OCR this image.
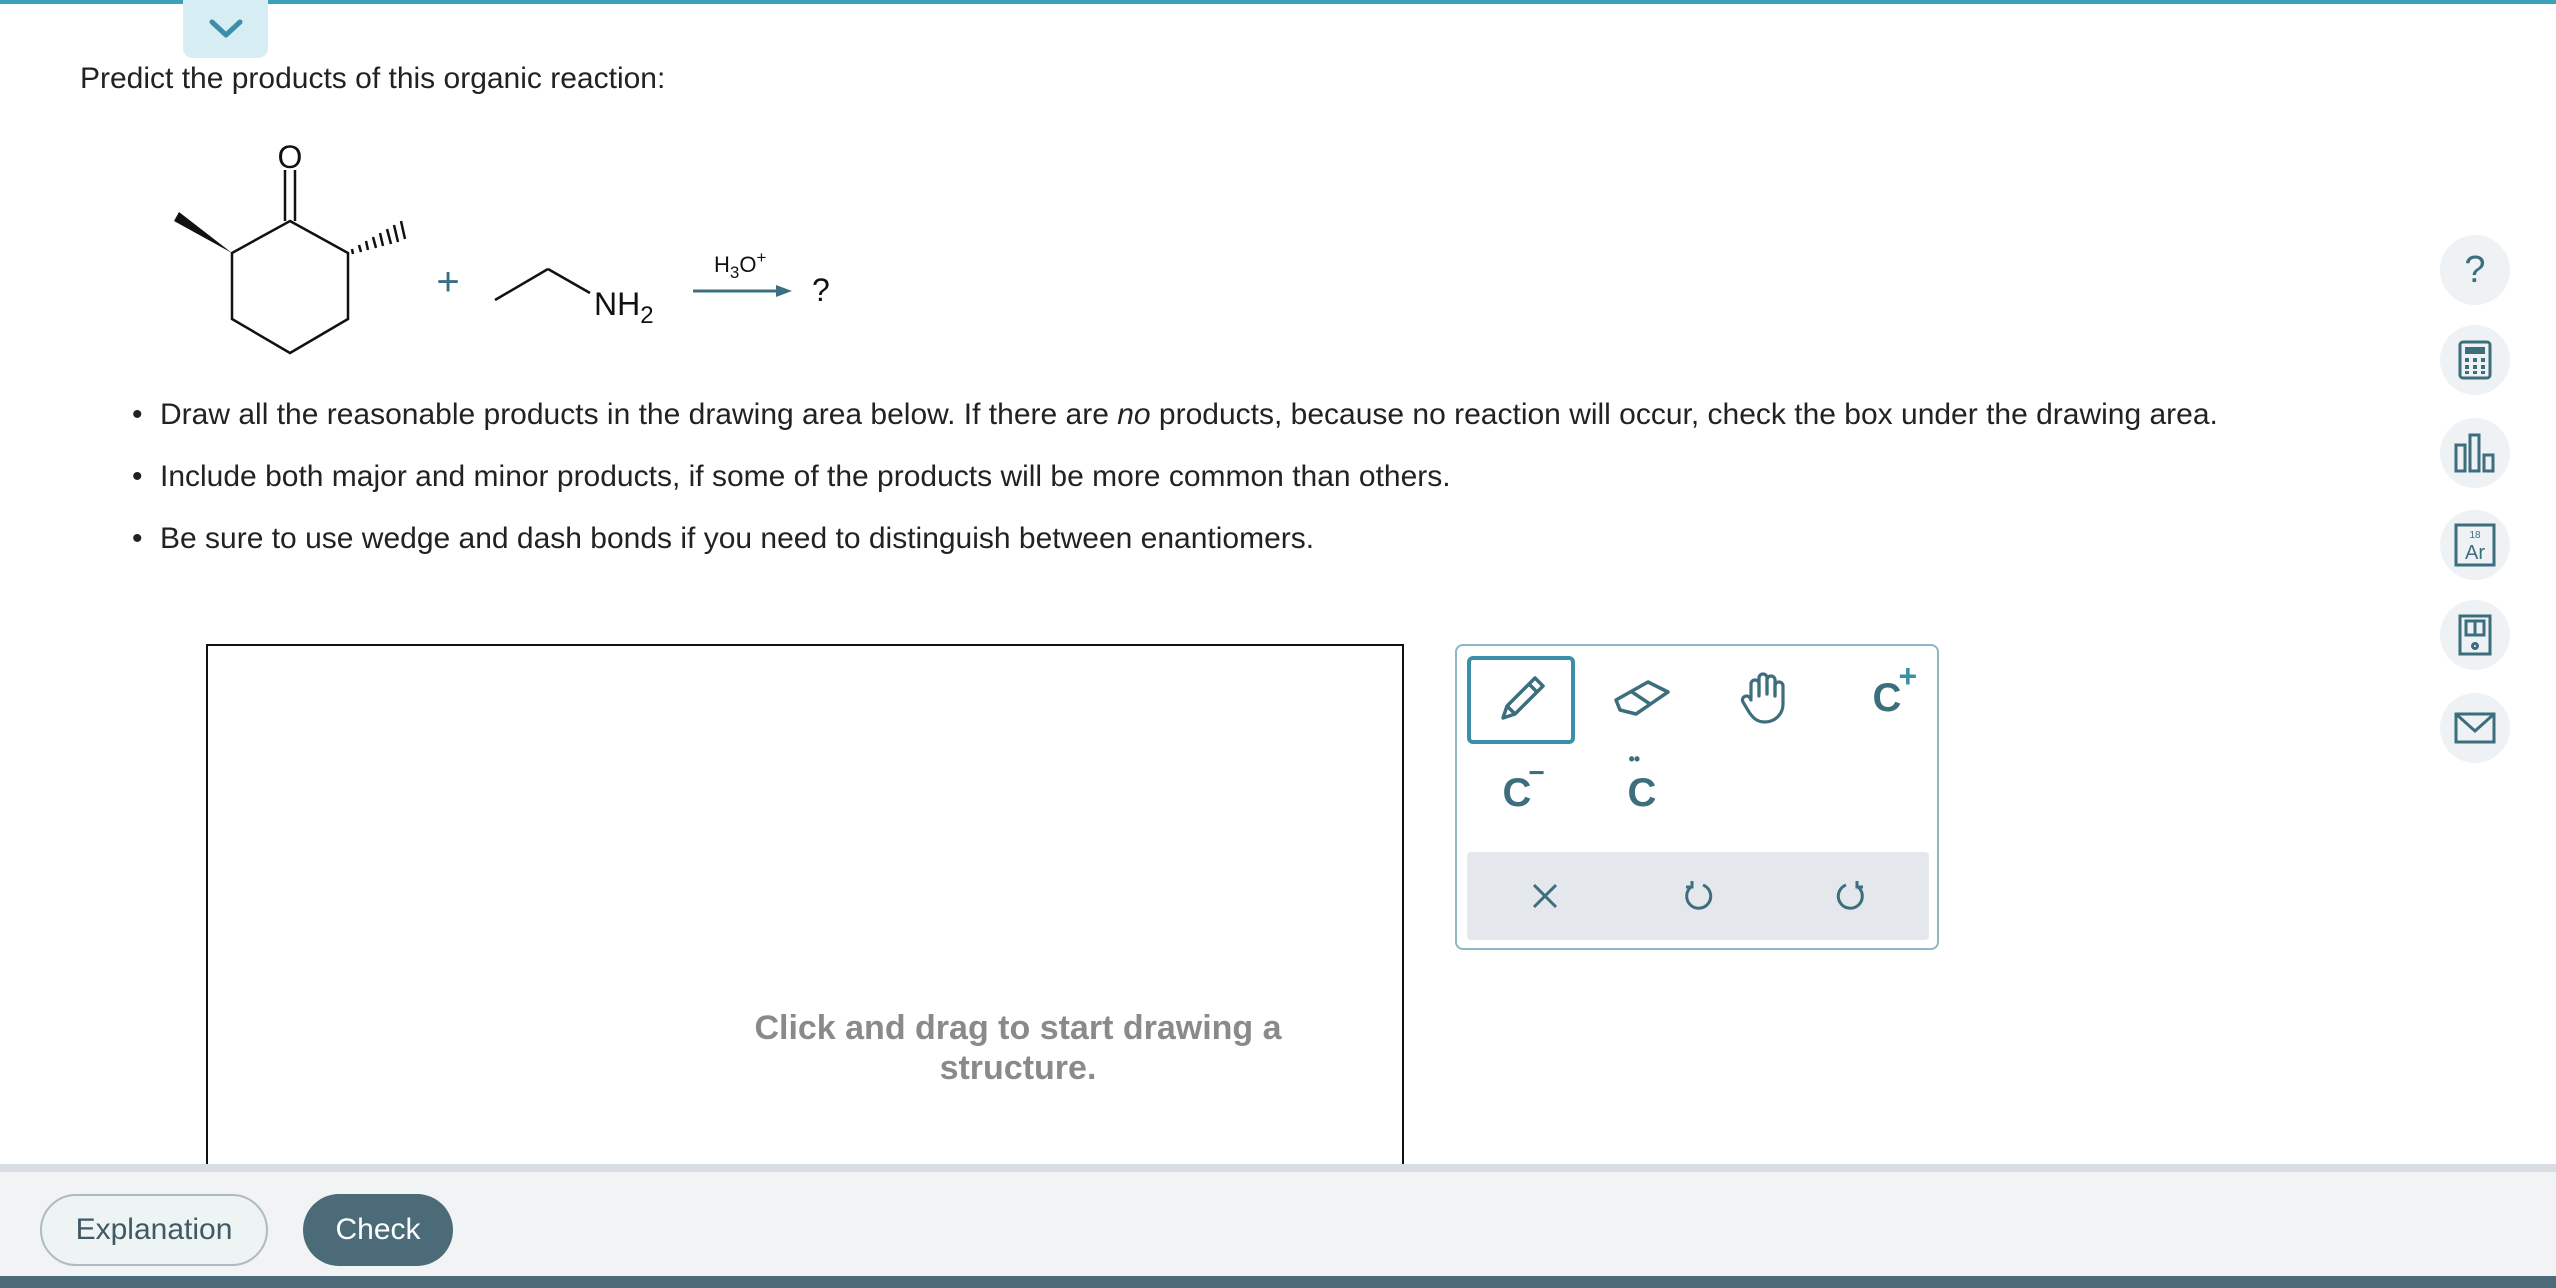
Predict the products of this organic reaction:
O
+	$NH_2$
$H_3O^+$
?
• Draw all the reasonable products in the drawing area below. If there are no products, because no reaction will occur, check the box under the drawing area.
• Include both major and minor products, if some of the products will be more common than others.
• Be sure to use wedge and dash bonds if you need to distinguish between enantiomers.
Click and drag to start drawing a structure.
C
+
C
−	••
C
?
18
Ar
Explanation	Check
